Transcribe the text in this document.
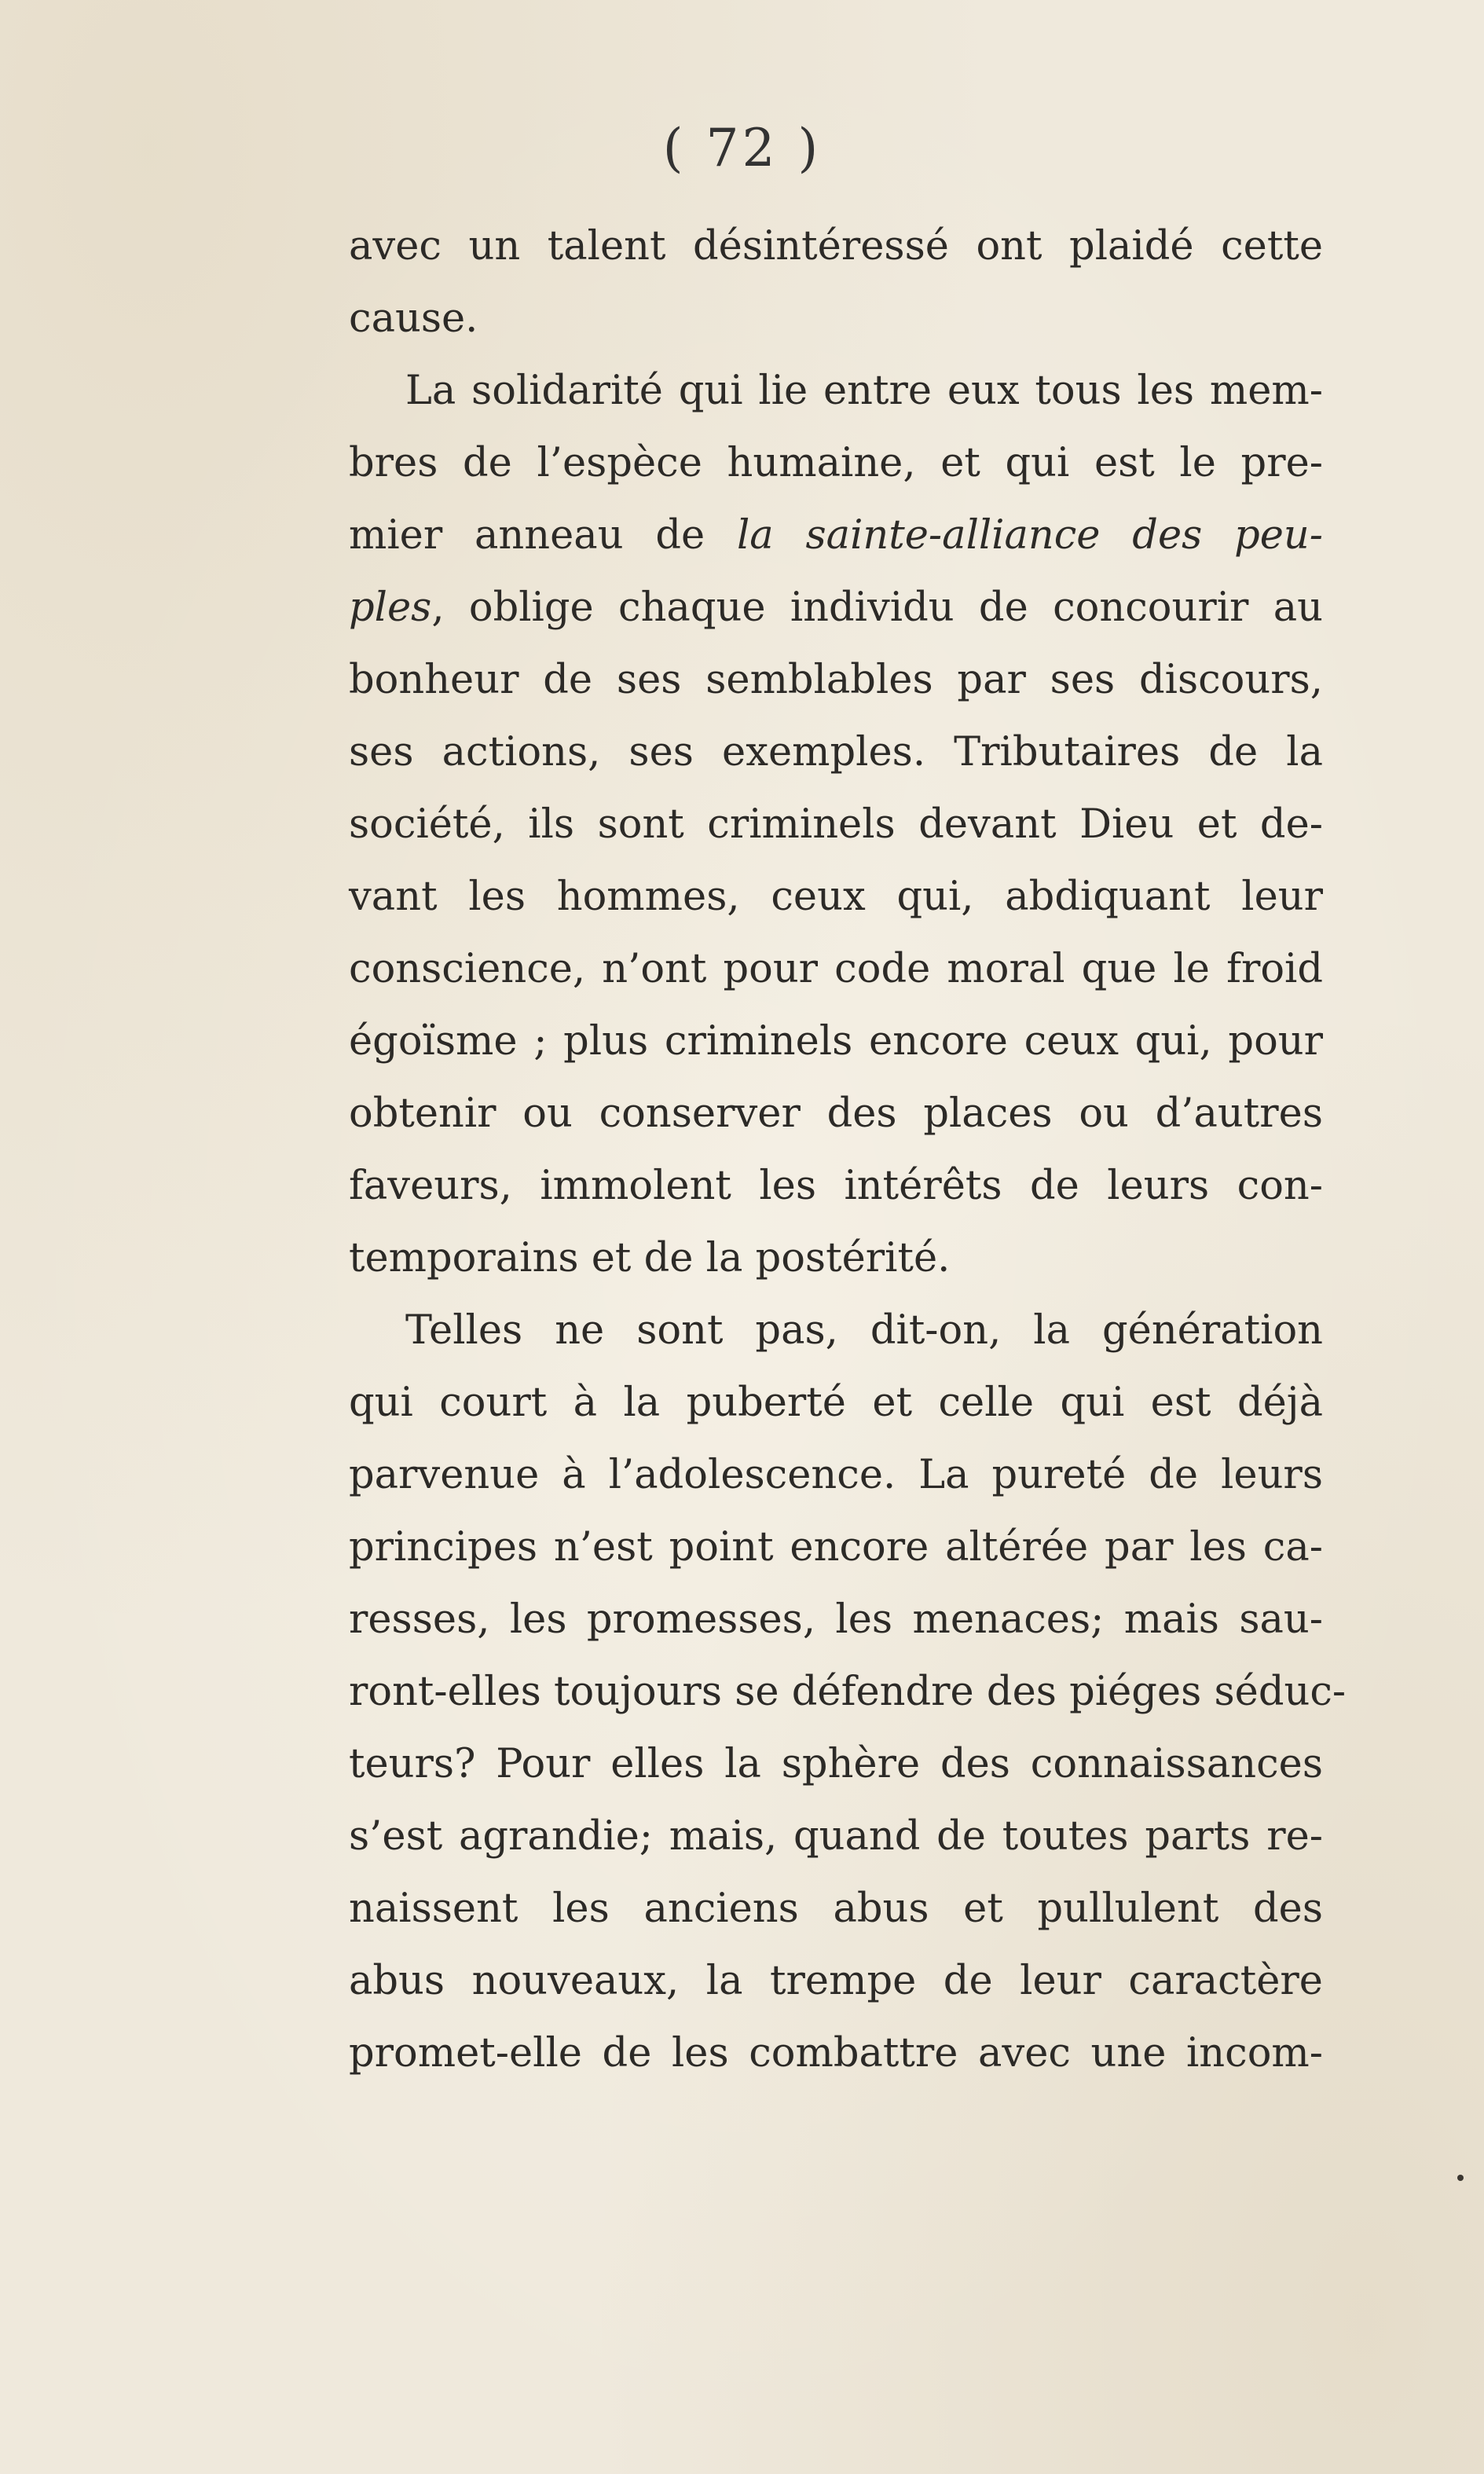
( 72 )

avec un talent désintéressé ont plaidé cette
cause.

La solidarité qui lie entre eux tous les mem-
bres de l’espèce humaine, et qui est le pre-
mier anneau de la sainte-alliance des peu-
ples, oblige chaque individu de concourir au
bonheur de ses semblables par ses discours,
ses actions, ses exemples. Tributaires de la
société, ils sont criminels devant Dieu et de-
vant les hommes, ceux qui, abdiquant leur
conscience, n’ont pour code moral que le froid
égoïsme ; plus criminels encore ceux qui, pour
obtenir ou conserver des places ou d’autres
faveurs, immolent les intérêts de leurs con-
temporains et de la postérité.

Telles ne sont pas, dit-on, la génération
qui court à la puberté et celle qui est déjà
parvenue à l’adolescence. La pureté de leurs
principes n’est point encore altérée par les ca-
resses, les promesses, les menaces; mais sau-
ront-elles toujours se défendre des piéges séduc-
teurs? Pour elles la sphère des connaissances
s’est agrandie; mais, quand de toutes parts re-
naissent les anciens abus et pullulent des
abus nouveaux, la trempe de leur caractère
promet-elle de les combattre avec une incom-
